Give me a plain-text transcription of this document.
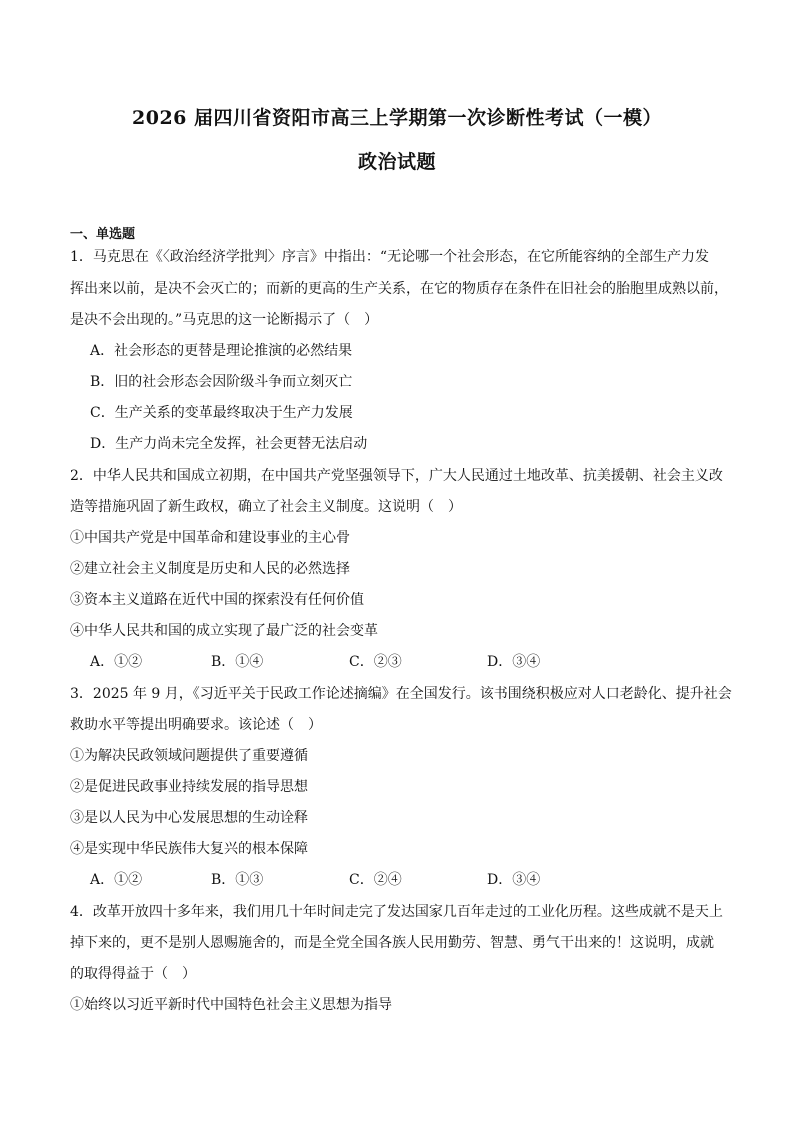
2026 届四川省资阳市高三上学期第一次诊断性考试（一模）
政治试题
一、单选题
1．马克思在《〈政治经济学批判〉序言》中指出：“无论哪一个社会形态，在它所能容纳的全部生产力发
挥出来以前，是决不会灭亡的；而新的更高的生产关系，在它的物质存在条件在旧社会的胎胞里成熟以前，
是决不会出现的。”马克思的这一论断揭示了（　）
A．社会形态的更替是理论推演的必然结果
B．旧的社会形态会因阶级斗争而立刻灭亡
C．生产关系的变革最终取决于生产力发展
D．生产力尚未完全发挥，社会更替无法启动
2．中华人民共和国成立初期，在中国共产党坚强领导下，广大人民通过土地改革、抗美援朝、社会主义改
造等措施巩固了新生政权，确立了社会主义制度。这说明（　）
①中国共产党是中国革命和建设事业的主心骨
②建立社会主义制度是历史和人民的必然选择
③资本主义道路在近代中国的探索没有任何价值
④中华人民共和国的成立实现了最广泛的社会变革
A．①②	B．①④	C．②③	D．③④
3．2025 年 9 月，《习近平关于民政工作论述摘编》在全国发行。该书围绕积极应对人口老龄化、提升社会
救助水平等提出明确要求。该论述（　）
①为解决民政领域问题提供了重要遵循
②是促进民政事业持续发展的指导思想
③是以人民为中心发展思想的生动诠释
④是实现中华民族伟大复兴的根本保障
A．①②	B．①③	C．②④	D．③④
4．改革开放四十多年来，我们用几十年时间走完了发达国家几百年走过的工业化历程。这些成就不是天上
掉下来的，更不是别人恩赐施舍的，而是全党全国各族人民用勤劳、智慧、勇气干出来的！这说明，成就
的取得得益于（　）
①始终以习近平新时代中国特色社会主义思想为指导
